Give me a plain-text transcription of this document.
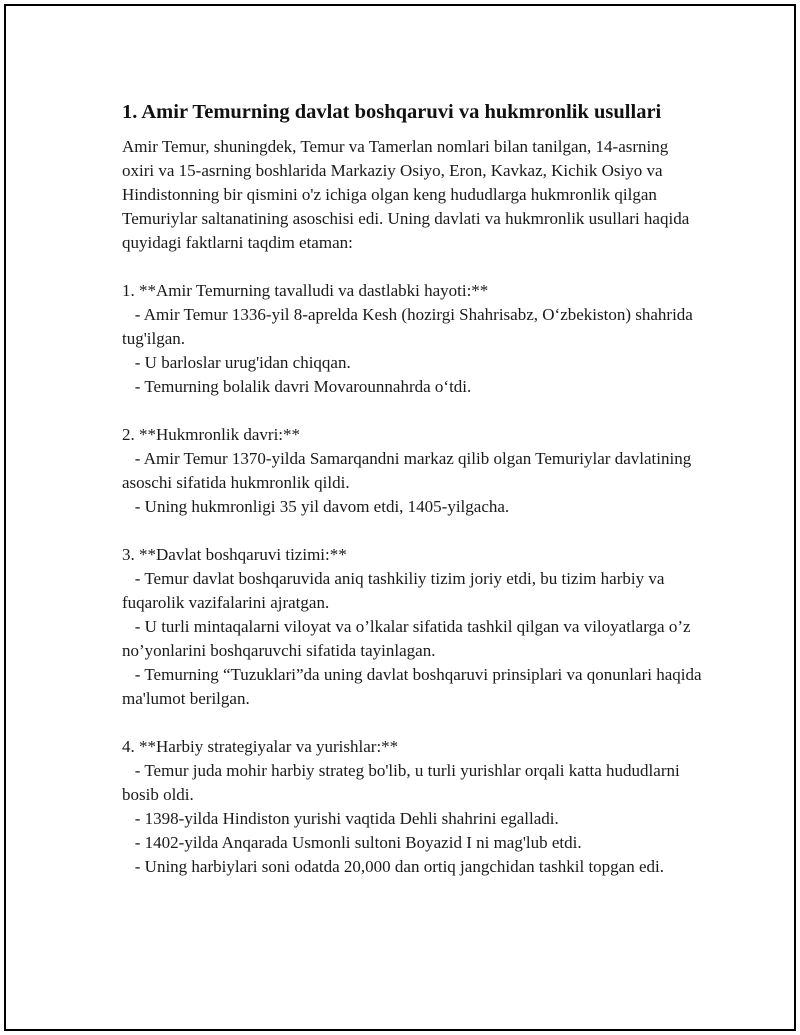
1. Amir Temurning davlat boshqaruvi va hukmronlik usullari

Amir Temur, shuningdek, Temur va Tamerlan nomlari bilan tanilgan, 14-asrning oxiri va 15-asrning boshlarida Markaziy Osiyo, Eron, Kavkaz, Kichik Osiyo va Hindistonning bir qismini o'z ichiga olgan keng hududlarga hukmronlik qilgan Temuriylar saltanatining asoschisi edi. Uning davlati va hukmronlik usullari haqida quyidagi faktlarni taqdim etaman:

1. **Amir Temurning tavalludi va dastlabki hayoti:**

- Amir Temur 1336-yil 8-aprelda Kesh (hozirgi Shahrisabz, O‘zbekiston) shahrida tug'ilgan.

- U barloslar urug'idan chiqqan.

- Temurning bolalik davri Movarounnahrda o‘tdi.

2. **Hukmronlik davri:**

- Amir Temur 1370-yilda Samarqandni markaz qilib olgan Temuriylar davlatining asoschi sifatida hukmronlik qildi.

- Uning hukmronligi 35 yil davom etdi, 1405-yilgacha.

3. **Davlat boshqaruvi tizimi:**

- Temur davlat boshqaruvida aniq tashkiliy tizim joriy etdi, bu tizim harbiy va fuqarolik vazifalarini ajratgan.

- U turli mintaqalarni viloyat va o’lkalar sifatida tashkil qilgan va viloyatlarga o’z no’yonlarini boshqaruvchi sifatida tayinlagan.

- Temurning “Tuzuklari”da uning davlat boshqaruvi prinsiplari va qonunlari haqida ma'lumot berilgan.

4. **Harbiy strategiyalar va yurishlar:**

- Temur juda mohir harbiy strateg bo'lib, u turli yurishlar orqali katta hududlarni bosib oldi.

- 1398-yilda Hindiston yurishi vaqtida Dehli shahrini egalladi.

- 1402-yilda Anqarada Usmonli sultoni Boyazid I ni mag'lub etdi.

- Uning harbiylari soni odatda 20,000 dan ortiq jangchidan tashkil topgan edi.
